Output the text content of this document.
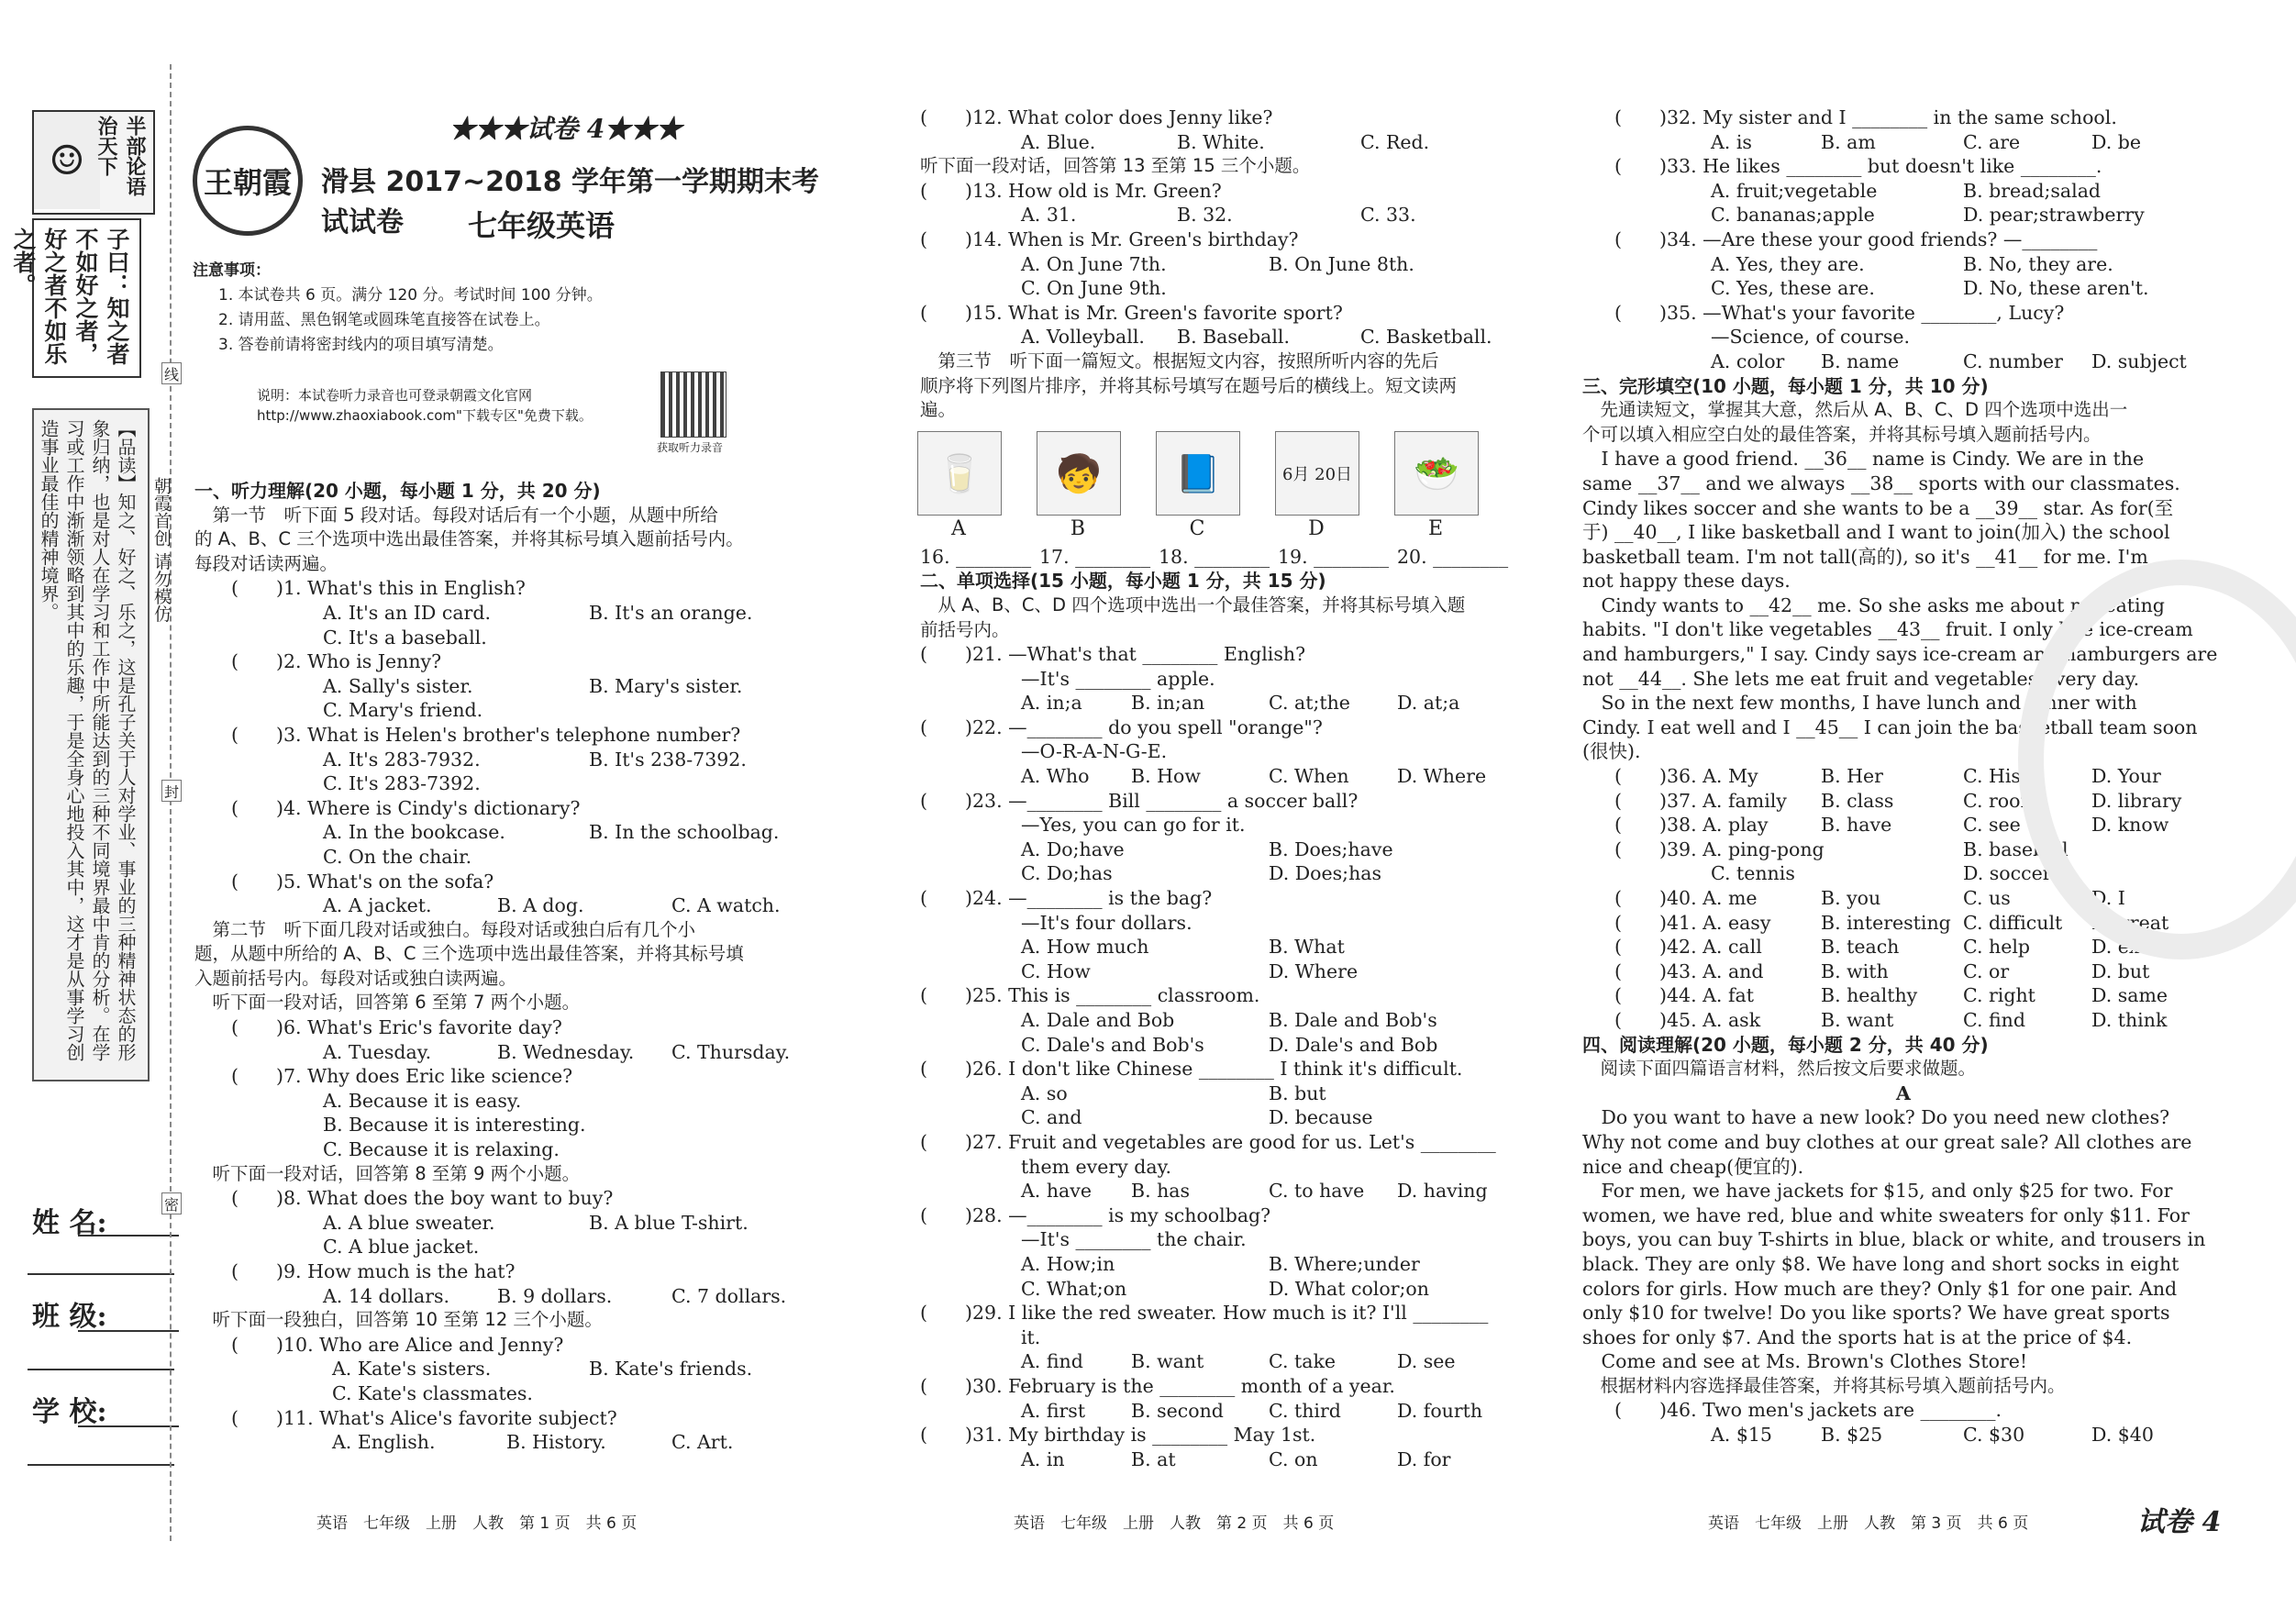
☺	半部论语治天下
子曰：知之者不如好之者，好之者不如乐之者。
【品读】知之、好之、乐之，这是孔子关于人对学业、事业的三种精神状态的形象归纳，也是对人在学习和工作中所能达到的三种不同境界最中肯的分析。在学习或工作中渐渐领略到其中的乐趣，于是全身心地投入其中，这才是从事学习创造事业最佳的精神境界。
姓 名:
班 级:
学 校:
线
封
密
朝霞首创 请勿模仿
王朝霞
★★★试卷 4★★★
滑县 2017~2018 学年第一学期期末考试试卷	七年级英语
注意事项：
1. 本试卷共 6 页。满分 120 分。考试时间 100 分钟。
2. 请用蓝、黑色钢笔或圆珠笔直接答在试卷上。
3. 答卷前请将密封线内的项目填写清楚。
说明：本试卷听力录音也可登录朝霞文化官网 http://www.zhaoxiabook.com"下载专区"免费下载。
获取听力录音
一、听力理解(20 小题，每小题 1 分，共 20 分)
　第一节　听下面 5 段对话。每段对话后有一个小题，从题中所给
的 A、B、C 三个选项中选出最佳答案，并将其标号填入题前括号内。
每段对话读两遍。
(　　)1. What's this in English?
A. It's an ID card.	B. It's an orange.
C. It's a baseball.
(　　)2. Who is Jenny?
A. Sally's sister.	B. Mary's sister.
C. Mary's friend.
(　　)3. What is Helen's brother's telephone number?
A. It's 283-7932.	B. It's 238-7392.
C. It's 283-7392.
(　　)4. Where is Cindy's dictionary?
A. In the bookcase.	B. In the schoolbag.
C. On the chair.
(　　)5. What's on the sofa?
A. A jacket.	B. A dog.	C. A watch.
　第二节　听下面几段对话或独白。每段对话或独白后有几个小
题，从题中所给的 A、B、C 三个选项中选出最佳答案，并将其标号填
入题前括号内。每段对话或独白读两遍。
　听下面一段对话，回答第 6 至第 7 两个小题。
(　　)6. What's Eric's favorite day?
A. Tuesday.	B. Wednesday. C. Thursday.
(　　)7. Why does Eric like science?
A. Because it is easy.
B. Because it is interesting.
C. Because it is relaxing.
　听下面一段对话，回答第 8 至第 9 两个小题。
(　　)8. What does the boy want to buy?
A. A blue sweater.	B. A blue T-shirt.
C. A blue jacket.
(　　)9. How much is the hat?
A. 14 dollars.	B. 9 dollars.	C. 7 dollars.
　听下面一段独白，回答第 10 至第 12 三个小题。
(　　)10. Who are Alice and Jenny?
A. Kate's sisters.	B. Kate's friends.
C. Kate's classmates.
(　　)11. What's Alice's favorite subject?
A. English.	B. History.	C. Art.
(　　)12. What color does Jenny like?
A. Blue.	B. White.	C. Red.
听下面一段对话，回答第 13 至第 15 三个小题。
(　　)13. How old is Mr. Green?
A. 31.	B. 32.	C. 33.
(　　)14. When is Mr. Green's birthday?
A. On June 7th.	B. On June 8th.
C. On June 9th.
(　　)15. What is Mr. Green's favorite sport?
A. Volleyball. B. Baseball.	C. Basketball.
　第三节　听下面一篇短文。根据短文内容，按照所听内容的先后
顺序将下列图片排序，并将其标号填写在题号后的横线上。短文读两
遍。
16. ________ 17. ________ 18. ________ 19. ________ 20. ________
二、单项选择(15 小题，每小题 1 分，共 15 分)
　从 A、B、C、D 四个选项中选出一个最佳答案，并将其标号填入题
前括号内。
(　　)21. —What's that ________ English?
—It's ________ apple.
A. in;a	B. in;an	C. at;the D. at;a
(　　)22. —________ do you spell "orange"?
—O-R-A-N-G-E.
A. Who B. How	C. When	D. Where
(　　)23. —________ Bill ________ a soccer ball?
—Yes, you can go for it.
A. Do;have	B. Does;have
C. Do;has	D. Does;has
(　　)24. —________ is the bag?
—It's four dollars.
A. How much	B. What
C. How	D. Where
(　　)25. This is ________ classroom.
A. Dale and Bob	B. Dale and Bob's
C. Dale's and Bob's	D. Dale's and Bob
(　　)26. I don't like Chinese ________ I think it's difficult.
A. so	B. but
C. and	D. because
(　　)27. Fruit and vegetables are good for us. Let's ________
them every day.
A. have B. has	C. to have D. having
(　　)28. —________ is my schoolbag?
—It's ________ the chair.
A. How;in	B. Where;under
C. What;on	D. What color;on
(　　)29. I like the red sweater. How much is it? I'll ________
it.
A. find	B. want	C. take	D. see
(　　)30. February is the ________ month of a year.
A. first B. second C. third	D. fourth
(　　)31. My birthday is ________ May 1st.
A. in	B. at	C. on	D. for
(　　)32. My sister and I ________ in the same school.
A. is	B. am	C. are	D. be
(　　)33. He likes ________ but doesn't like ________.
A. fruit;vegetable	B. bread;salad
C. bananas;apple	D. pear;strawberry
(　　)34. —Are these your good friends? —________
A. Yes, they are.	B. No, they are.
C. Yes, these are.	D. No, these aren't.
(　　)35. —What's your favorite ________, Lucy?
—Science, of course.
A. color B. name	C. number D. subject
三、完形填空(10 小题，每小题 1 分，共 10 分)
　先通读短文，掌握其大意，然后从 A、B、C、D 四个选项中选出一
个可以填入相应空白处的最佳答案，并将其标号填入题前括号内。
　I have a good friend. __36__ name is Cindy. We are in the
same __37__ and we always __38__ sports with our classmates.
Cindy likes soccer and she wants to be a __39__ star. As for(至
于) __40__, I like basketball and I want to join(加入) the school
basketball team. I'm not tall(高的), so it's __41__ for me. I'm
not happy these days.
　Cindy wants to __42__ me. So she asks me about my eating
habits. "I don't like vegetables __43__ fruit. I only like ice-cream
and hamburgers," I say. Cindy says ice-cream and hamburgers are
not __44__. She lets me eat fruit and vegetables every day.
　So in the next few months, I have lunch and dinner with
Cindy. I eat well and I __45__ I can join the basketball team soon
(很快).
(　　)36. A. My	B. Her	C. His	D. Your
(　　)37. A. family B. class	C. room	D. library
(　　)38. A. play	B. have	C. see	D. know
(　　)39. A. ping-pong	B. baseball
C. tennis	D. soccer
(　　)40. A. me	B. you	C. us	D. I
(　　)41. A. easy	B. interesting C. difficult D. great
(　　)42. A. call	B. teach	C. help	D. excuse
(　　)43. A. and	B. with	C. or	D. but
(　　)44. A. fat	B. healthy C. right	D. same
(　　)45. A. ask	B. want	C. find	D. think
四、阅读理解(20 小题，每小题 2 分，共 40 分)
　阅读下面四篇语言材料，然后按文后要求做题。
A
　Do you want to have a new look? Do you need new clothes?
Why not come and buy clothes at our great sale? All clothes are
nice and cheap(便宜的).
　For men, we have jackets for $15, and only $25 for two. For
women, we have red, blue and white sweaters for only $11. For
boys, you can buy T-shirts in blue, black or white, and trousers in
black. They are only $8. We have long and short socks in eight
colors for girls. How much are they? Only $1 for one pair. And
only $10 for twelve! Do you like sports? We have great sports
shoes for only $7. And the sports hat is at the price of $4.
　Come and see at Ms. Brown's Clothes Store!
　根据材料内容选择最佳答案，并将其标号填入题前括号内。
(　　)46. Two men's jackets are ________.
A. $15	B. $25	C. $30	D. $40
🥛	🧒	📘	6月 20日	🥗
A	B	C	D	E
英语　七年级　上册　人教　第 1 页　共 6 页	英语　七年级　上册　人教　第 2 页　共 6 页	英语　七年级　上册　人教　第 3 页　共 6 页	试卷 4
